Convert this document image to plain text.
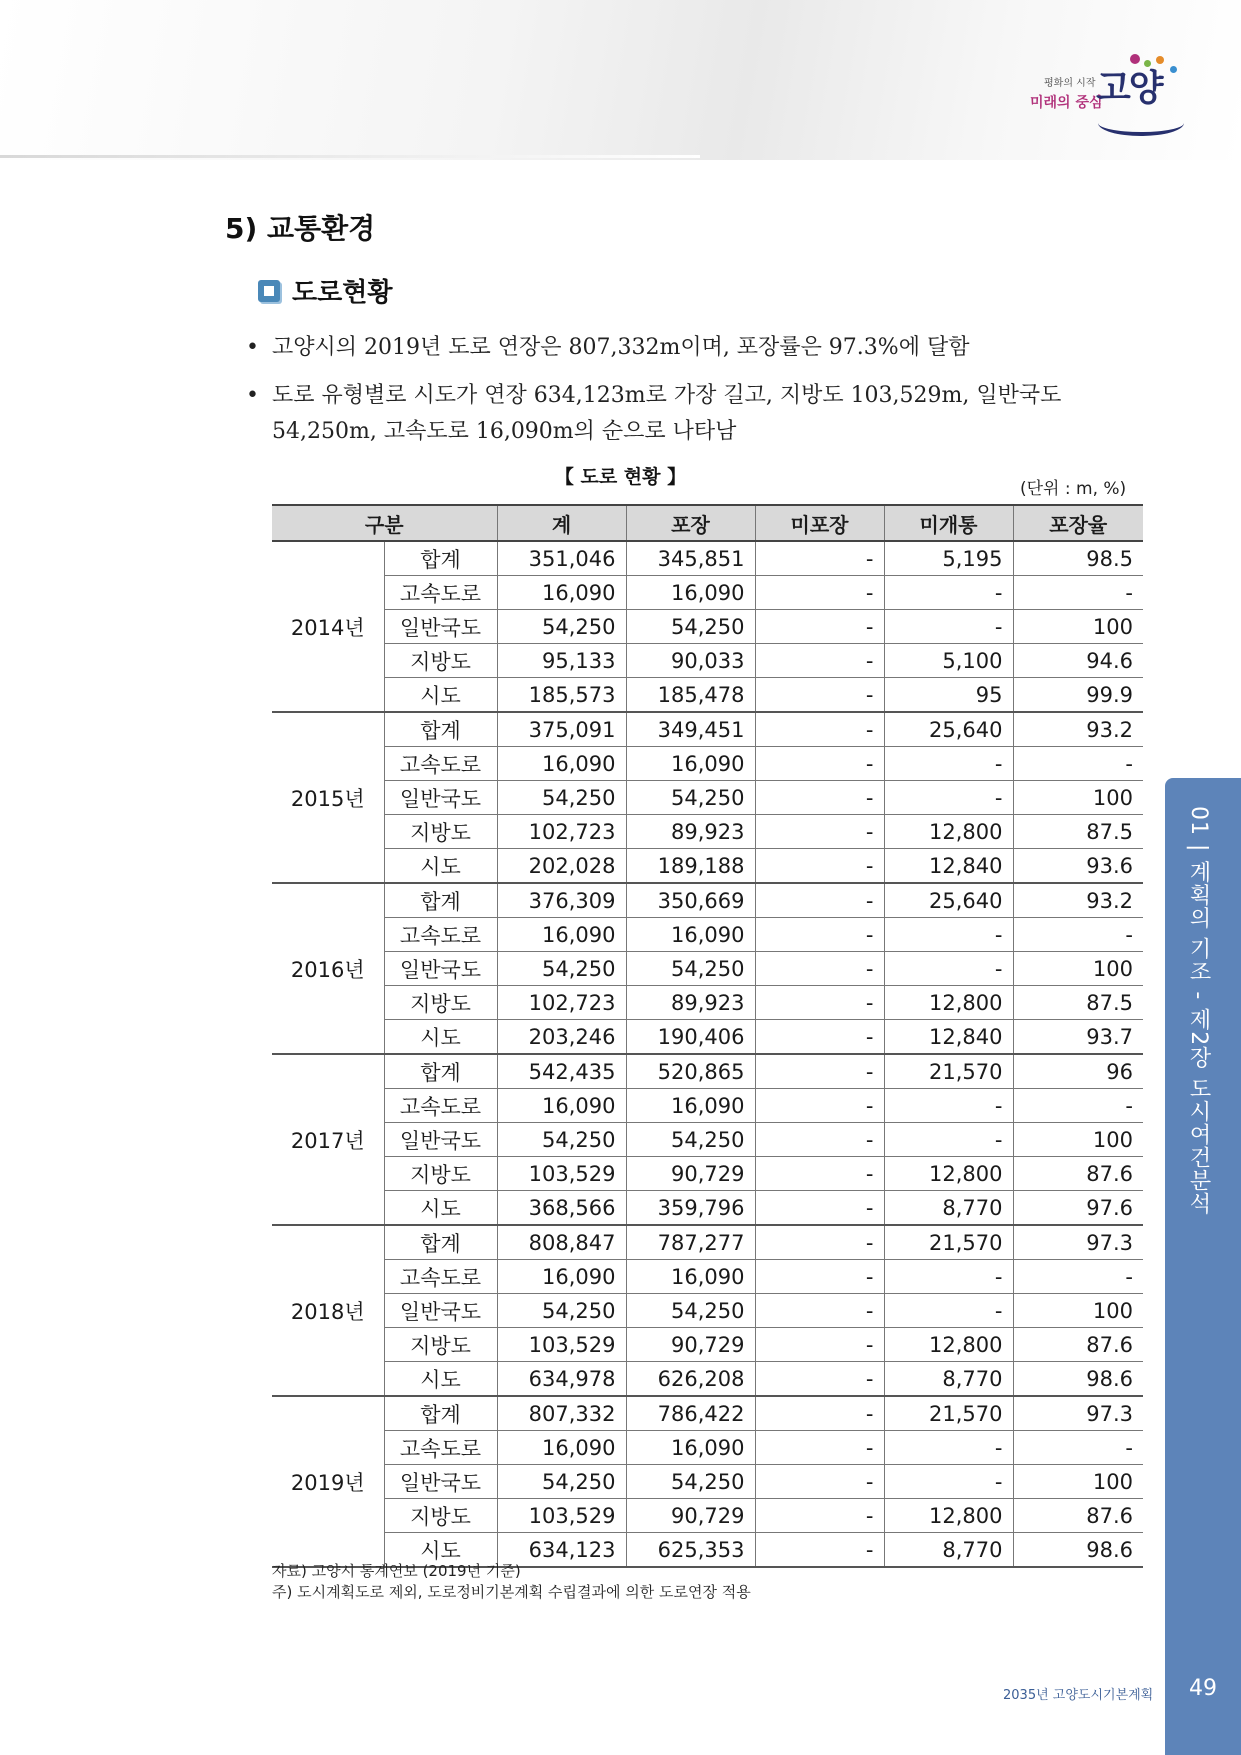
평화의 시작
미래의 중심
고양
5) 교통환경
도로현황
• 고양시의 2019년 도로 연장은 807,332m이며, 포장률은 97.3%에 달함
• 도로 유형별로 시도가 연장 634,123m로 가장 길고, 지방도 103,529m, 일반국도 54,250m, 고속도로 16,090m의 순으로 나타남
【 도로 현황 】
(단위 : m, %)
구분		계	포장	미포장	미개통	포장율
2014년	합계	351,046	345,851	-	5,195	98.5
	고속도로	16,090	16,090	-	-	-
	일반국도	54,250	54,250	-	-	100
	지방도	95,133	90,033	-	5,100	94.6
	시도	185,573	185,478	-	95	99.9
2015년	합계	375,091	349,451	-	25,640	93.2
	고속도로	16,090	16,090	-	-	-
	일반국도	54,250	54,250	-	-	100
	지방도	102,723	89,923	-	12,800	87.5
	시도	202,028	189,188	-	12,840	93.6
2016년	합계	376,309	350,669	-	25,640	93.2
	고속도로	16,090	16,090	-	-	-
	일반국도	54,250	54,250	-	-	100
	지방도	102,723	89,923	-	12,800	87.5
	시도	203,246	190,406	-	12,840	93.7
2017년	합계	542,435	520,865	-	21,570	96
	고속도로	16,090	16,090	-	-	-
	일반국도	54,250	54,250	-	-	100
	지방도	103,529	90,729	-	12,800	87.6
	시도	368,566	359,796	-	8,770	97.6
2018년	합계	808,847	787,277	-	21,570	97.3
	고속도로	16,090	16,090	-	-	-
	일반국도	54,250	54,250	-	-	100
	지방도	103,529	90,729	-	12,800	87.6
	시도	634,978	626,208	-	8,770	98.6
2019년	합계	807,332	786,422	-	21,570	97.3
	고속도로	16,090	16,090	-	-	-
	일반국도	54,250	54,250	-	-	100
	지방도	103,529	90,729	-	12,800	87.6
	시도	634,123	625,353	-	8,770	98.6
자료) 고양시 통계연보 (2019년 기준)
주) 도시계획도로 제외, 도로정비기본계획 수립결과에 의한 도로연장 적용
01 | 계획의 기조 - 제2장 도시여건분석
2035년 고양도시기본계획	49
